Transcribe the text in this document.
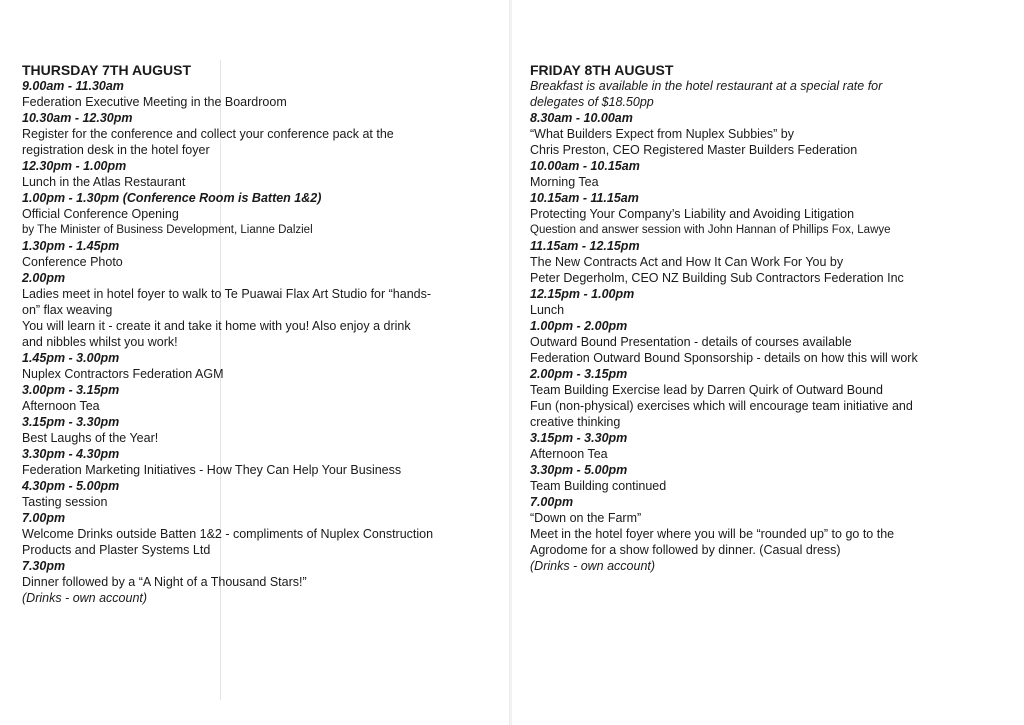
THURSDAY 7TH AUGUST
9.00am - 11.30am
Federation Executive Meeting in the Boardroom
10.30am - 12.30pm
Register for the conference and collect your conference pack at the
registration desk in the hotel foyer
12.30pm - 1.00pm
Lunch in the Atlas Restaurant
1.00pm - 1.30pm (Conference Room is Batten 1&2)
Official Conference Opening
by The Minister of Business Development, Lianne Dalziel
1.30pm - 1.45pm
Conference Photo
2.00pm
Ladies meet in hotel foyer to walk to Te Puawai Flax Art Studio for “hands-
on” flax weaving
You will learn it - create it and take it home with you! Also enjoy a drink
and nibbles whilst you work!
1.45pm - 3.00pm
Nuplex Contractors Federation AGM
3.00pm - 3.15pm
Afternoon Tea
3.15pm - 3.30pm
Best Laughs of the Year!
3.30pm - 4.30pm
Federation Marketing Initiatives - How They Can Help Your Business
4.30pm - 5.00pm
Tasting session
7.00pm
Welcome Drinks outside Batten 1&2 - compliments of Nuplex Construction
Products and Plaster Systems Ltd
7.30pm
Dinner followed by a “A Night of a Thousand Stars!”
(Drinks - own account)
FRIDAY 8TH AUGUST
Breakfast is available in the hotel restaurant at a special rate for
delegates of $18.50pp
8.30am - 10.00am
“What Builders Expect from Nuplex Subbies” by
Chris Preston, CEO Registered Master Builders Federation
10.00am - 10.15am
Morning Tea
10.15am - 11.15am
Protecting Your Company’s Liability and Avoiding Litigation
Question and answer session with John Hannan of Phillips Fox, Lawye
11.15am - 12.15pm
The New Contracts Act and How It Can Work For You by
Peter Degerholm, CEO NZ Building Sub Contractors Federation Inc
12.15pm - 1.00pm
Lunch
1.00pm - 2.00pm
Outward Bound Presentation - details of courses available
Federation Outward Bound Sponsorship - details on how this will work
2.00pm - 3.15pm
Team Building Exercise lead by Darren Quirk of Outward Bound
Fun (non-physical) exercises which will encourage team initiative and
creative thinking
3.15pm - 3.30pm
Afternoon Tea
3.30pm - 5.00pm
Team Building continued
7.00pm
“Down on the Farm”
Meet in the hotel foyer where you will be “rounded up” to go to the
Agrodome for a show followed by dinner. (Casual dress)
(Drinks - own account)
